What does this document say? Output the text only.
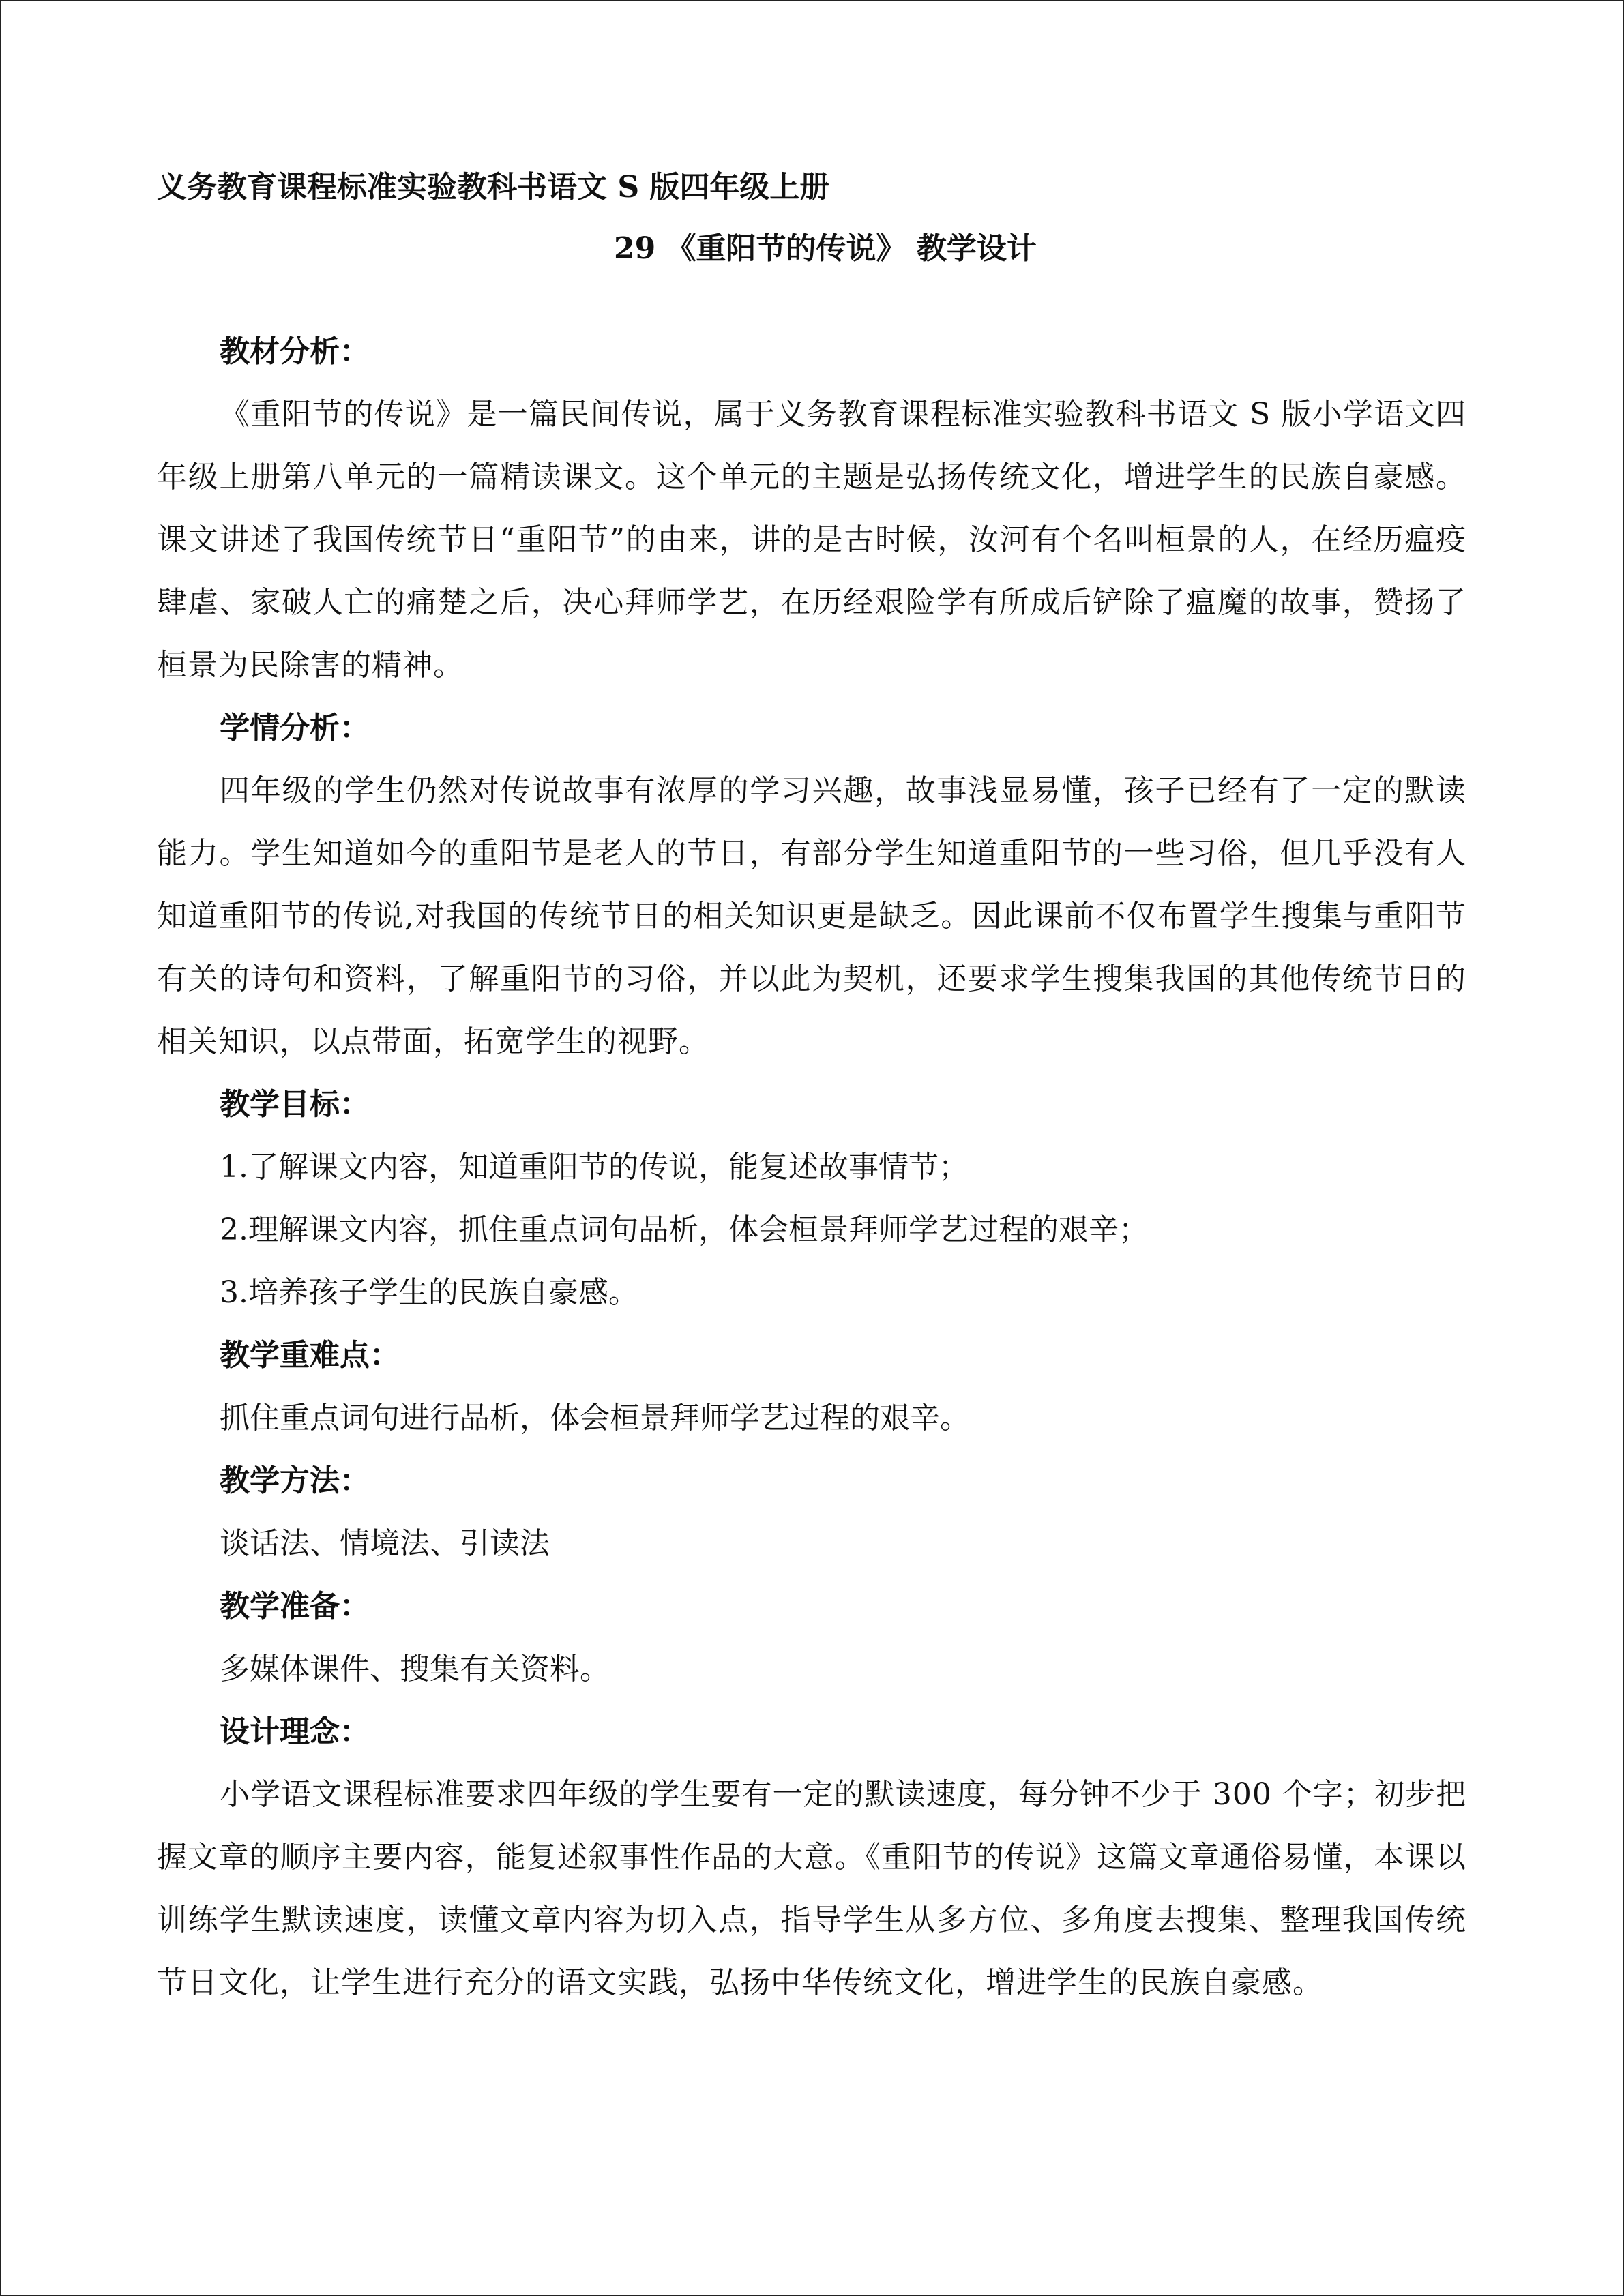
义务教育课程标准实验教科书语文 S 版四年级上册

29 《重阳节的传说》 教学设计

教材分析：

《重阳节的传说》是一篇民间传说，属于义务教育课程标准实验教科书语文 S 版小学语文四年级上册第八单元的一篇精读课文。这个单元的主题是弘扬传统文化，增进学生的民族自豪感。课文讲述了我国传统节日“重阳节”的由来，讲的是古时候，汝河有个名叫桓景的人，在经历瘟疫肆虐、家破人亡的痛楚之后，决心拜师学艺，在历经艰险学有所成后铲除了瘟魔的故事，赞扬了桓景为民除害的精神。

学情分析：

四年级的学生仍然对传说故事有浓厚的学习兴趣，故事浅显易懂，孩子已经有了一定的默读能力。学生知道如今的重阳节是老人的节日，有部分学生知道重阳节的一些习俗，但几乎没有人知道重阳节的传说,对我国的传统节日的相关知识更是缺乏。因此课前不仅布置学生搜集与重阳节有关的诗句和资料，了解重阳节的习俗，并以此为契机，还要求学生搜集我国的其他传统节日的相关知识，以点带面，拓宽学生的视野。

教学目标：

1.了解课文内容，知道重阳节的传说，能复述故事情节；

2.理解课文内容，抓住重点词句品析，体会桓景拜师学艺过程的艰辛；

3.培养孩子学生的民族自豪感。

教学重难点：

抓住重点词句进行品析，体会桓景拜师学艺过程的艰辛。

教学方法：

谈话法、情境法、引读法

教学准备：

多媒体课件、搜集有关资料。

设计理念：

小学语文课程标准要求四年级的学生要有一定的默读速度，每分钟不少于 300 个字；初步把握文章的顺序主要内容，能复述叙事性作品的大意。《重阳节的传说》这篇文章通俗易懂，本课以训练学生默读速度，读懂文章内容为切入点，指导学生从多方位、多角度去搜集、整理我国传统节日文化，让学生进行充分的语文实践，弘扬中华传统文化，增进学生的民族自豪感。
